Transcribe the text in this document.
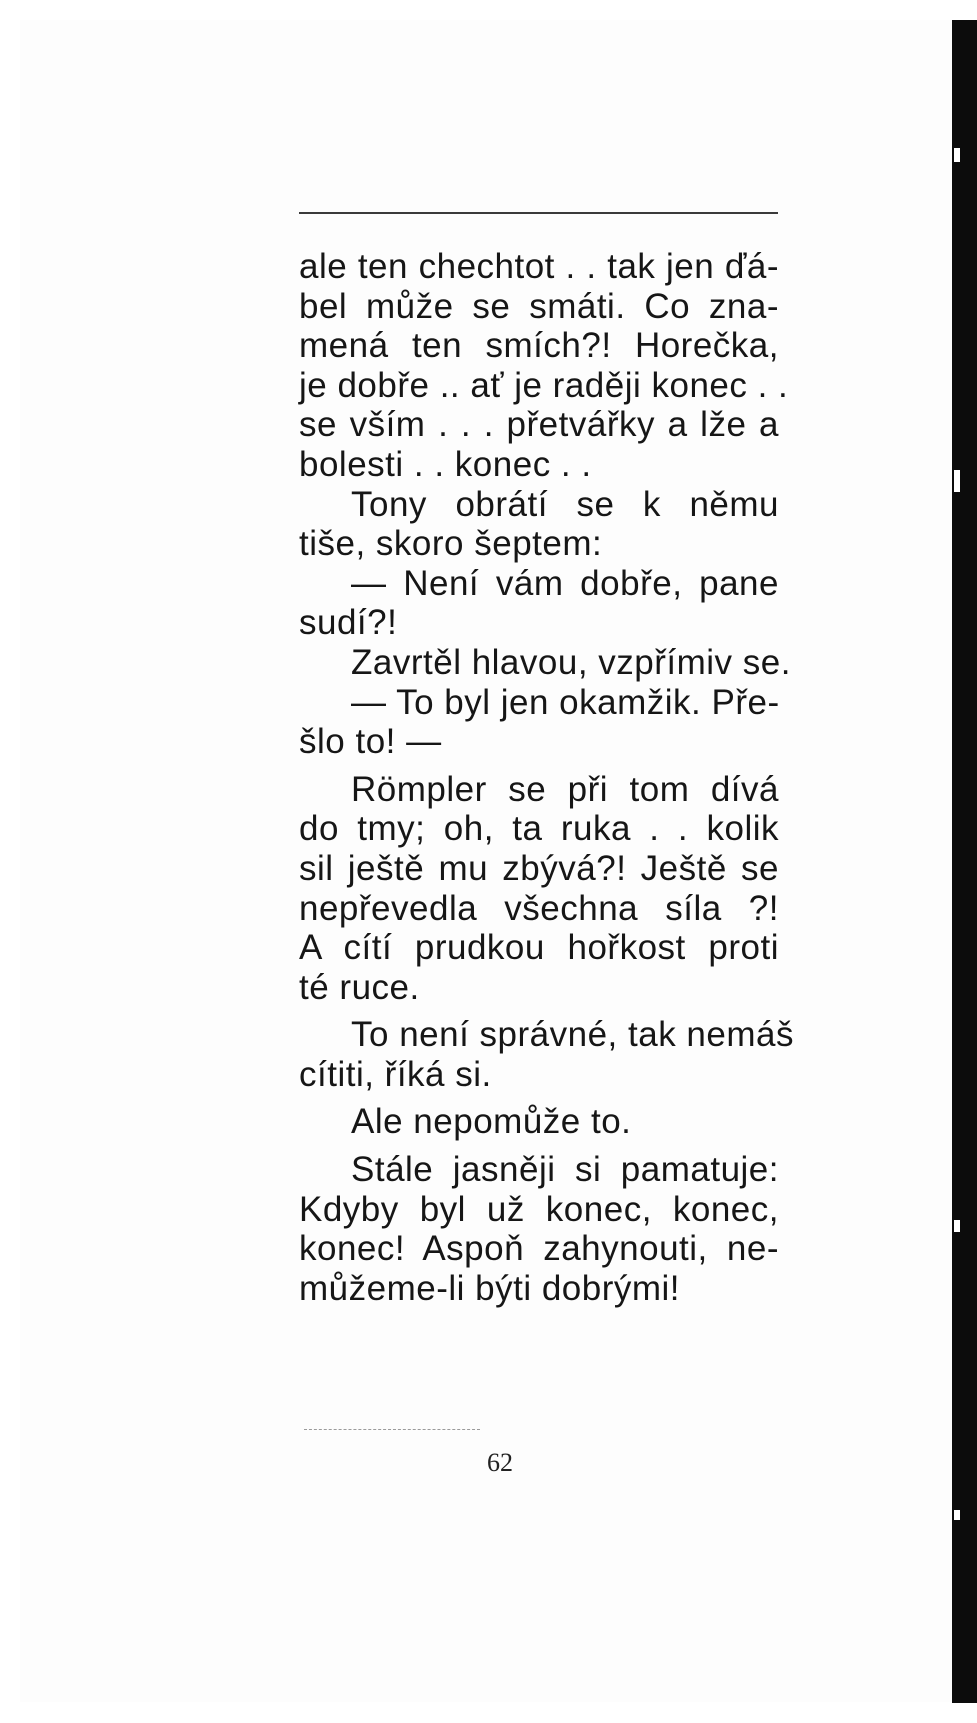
ale ten chechtot . . tak jen ďá-
bel může se smáti. Co zna-
mená ten smích?! Horečka,
je dobře .. ať je raději konec . .
se vším . . . přetvářky a lže a
bolesti . . konec . .
Tony obrátí se k němu
tiše, skoro šeptem:
— Není vám dobře, pane
sudí?!
Zavrtěl hlavou, vzpřímiv se.
— To byl jen okamžik. Pře-
šlo to! —
Römpler se při tom dívá
do tmy; oh, ta ruka . . kolik
sil ještě mu zbývá?! Ještě se
nepřevedla všechna síla ?!
A cítí prudkou hořkost proti
té ruce.
To není správné, tak nemáš
cítiti, říká si.
Ale nepomůže to.
Stále jasněji si pamatuje:
Kdyby byl už konec, konec,
konec! Aspoň zahynouti, ne-
můžeme-li býti dobrými!
62
